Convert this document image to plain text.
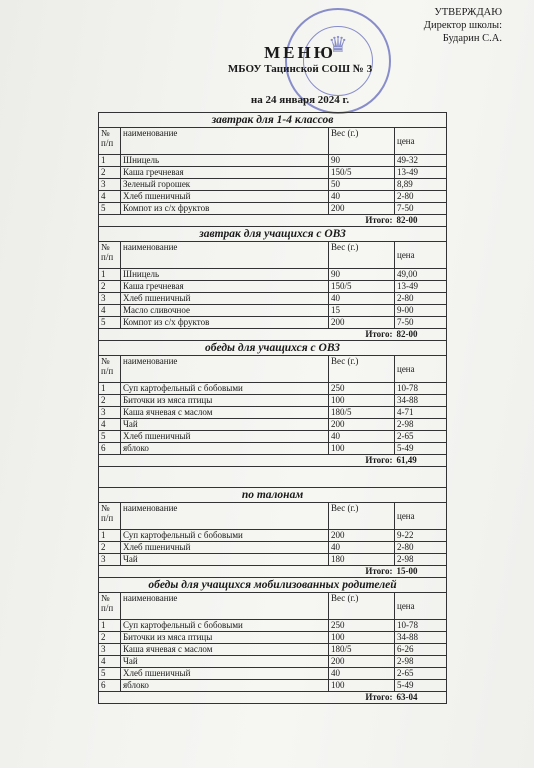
УТВЕРЖДАЮ
Директор школы:
Бударин С.А.
♛
МЕНЮ
МБОУ Тацинской СОШ № 3
на 24 января 2024 г.
завтрак для 1-4 классов			
№ п/п	наименование	Вес (г.)	цена
1	Шницель	90	49-32
2	Каша гречневая	150/5	13-49
3	Зеленый горошек	50	8,89
4	Хлеб пшеничный	40	2-80
5	Компот из с/х фруктов	200	7-50
Итого:			82-00
завтрак для учащихся с ОВЗ			
№ п/п	наименование	Вес (г.)	цена
1	Шницель	90	49,00
2	Каша гречневая	150/5	13-49
3	Хлеб пшеничный	40	2-80
4	Масло сливочное	15	9-00
5	Компот из с/х фруктов	200	7-50
Итого:			82-00
обеды для учащихся с ОВЗ			
№ п/п	наименование	Вес (г.)	цена
1	Суп картофельный с бобовыми	250	10-78
2	Биточки из мяса птицы	100	34-88
3	Каша ячневая с маслом	180/5	4-71
4	Чай	200	2-98
5	Хлеб пшеничный	40	2-65
6	яблоко	100	5-49
Итого:			61,49

по талонам			
№ п/п	наименование	Вес (г.)	цена
1	Суп картофельный с бобовыми	200	9-22
2	Хлеб пшеничный	40	2-80
3	Чай	180	2-98
Итого:			15-00
обеды для учащихся мобилизованных родителей			
№ п/п	наименование	Вес (г.)	цена
1	Суп картофельный с бобовыми	250	10-78
2	Биточки из мяса птицы	100	34-88
3	Каша ячневая с маслом	180/5	6-26
4	Чай	200	2-98
5	Хлеб пшеничный	40	2-65
6	яблоко	100	5-49
Итого:			63-04
